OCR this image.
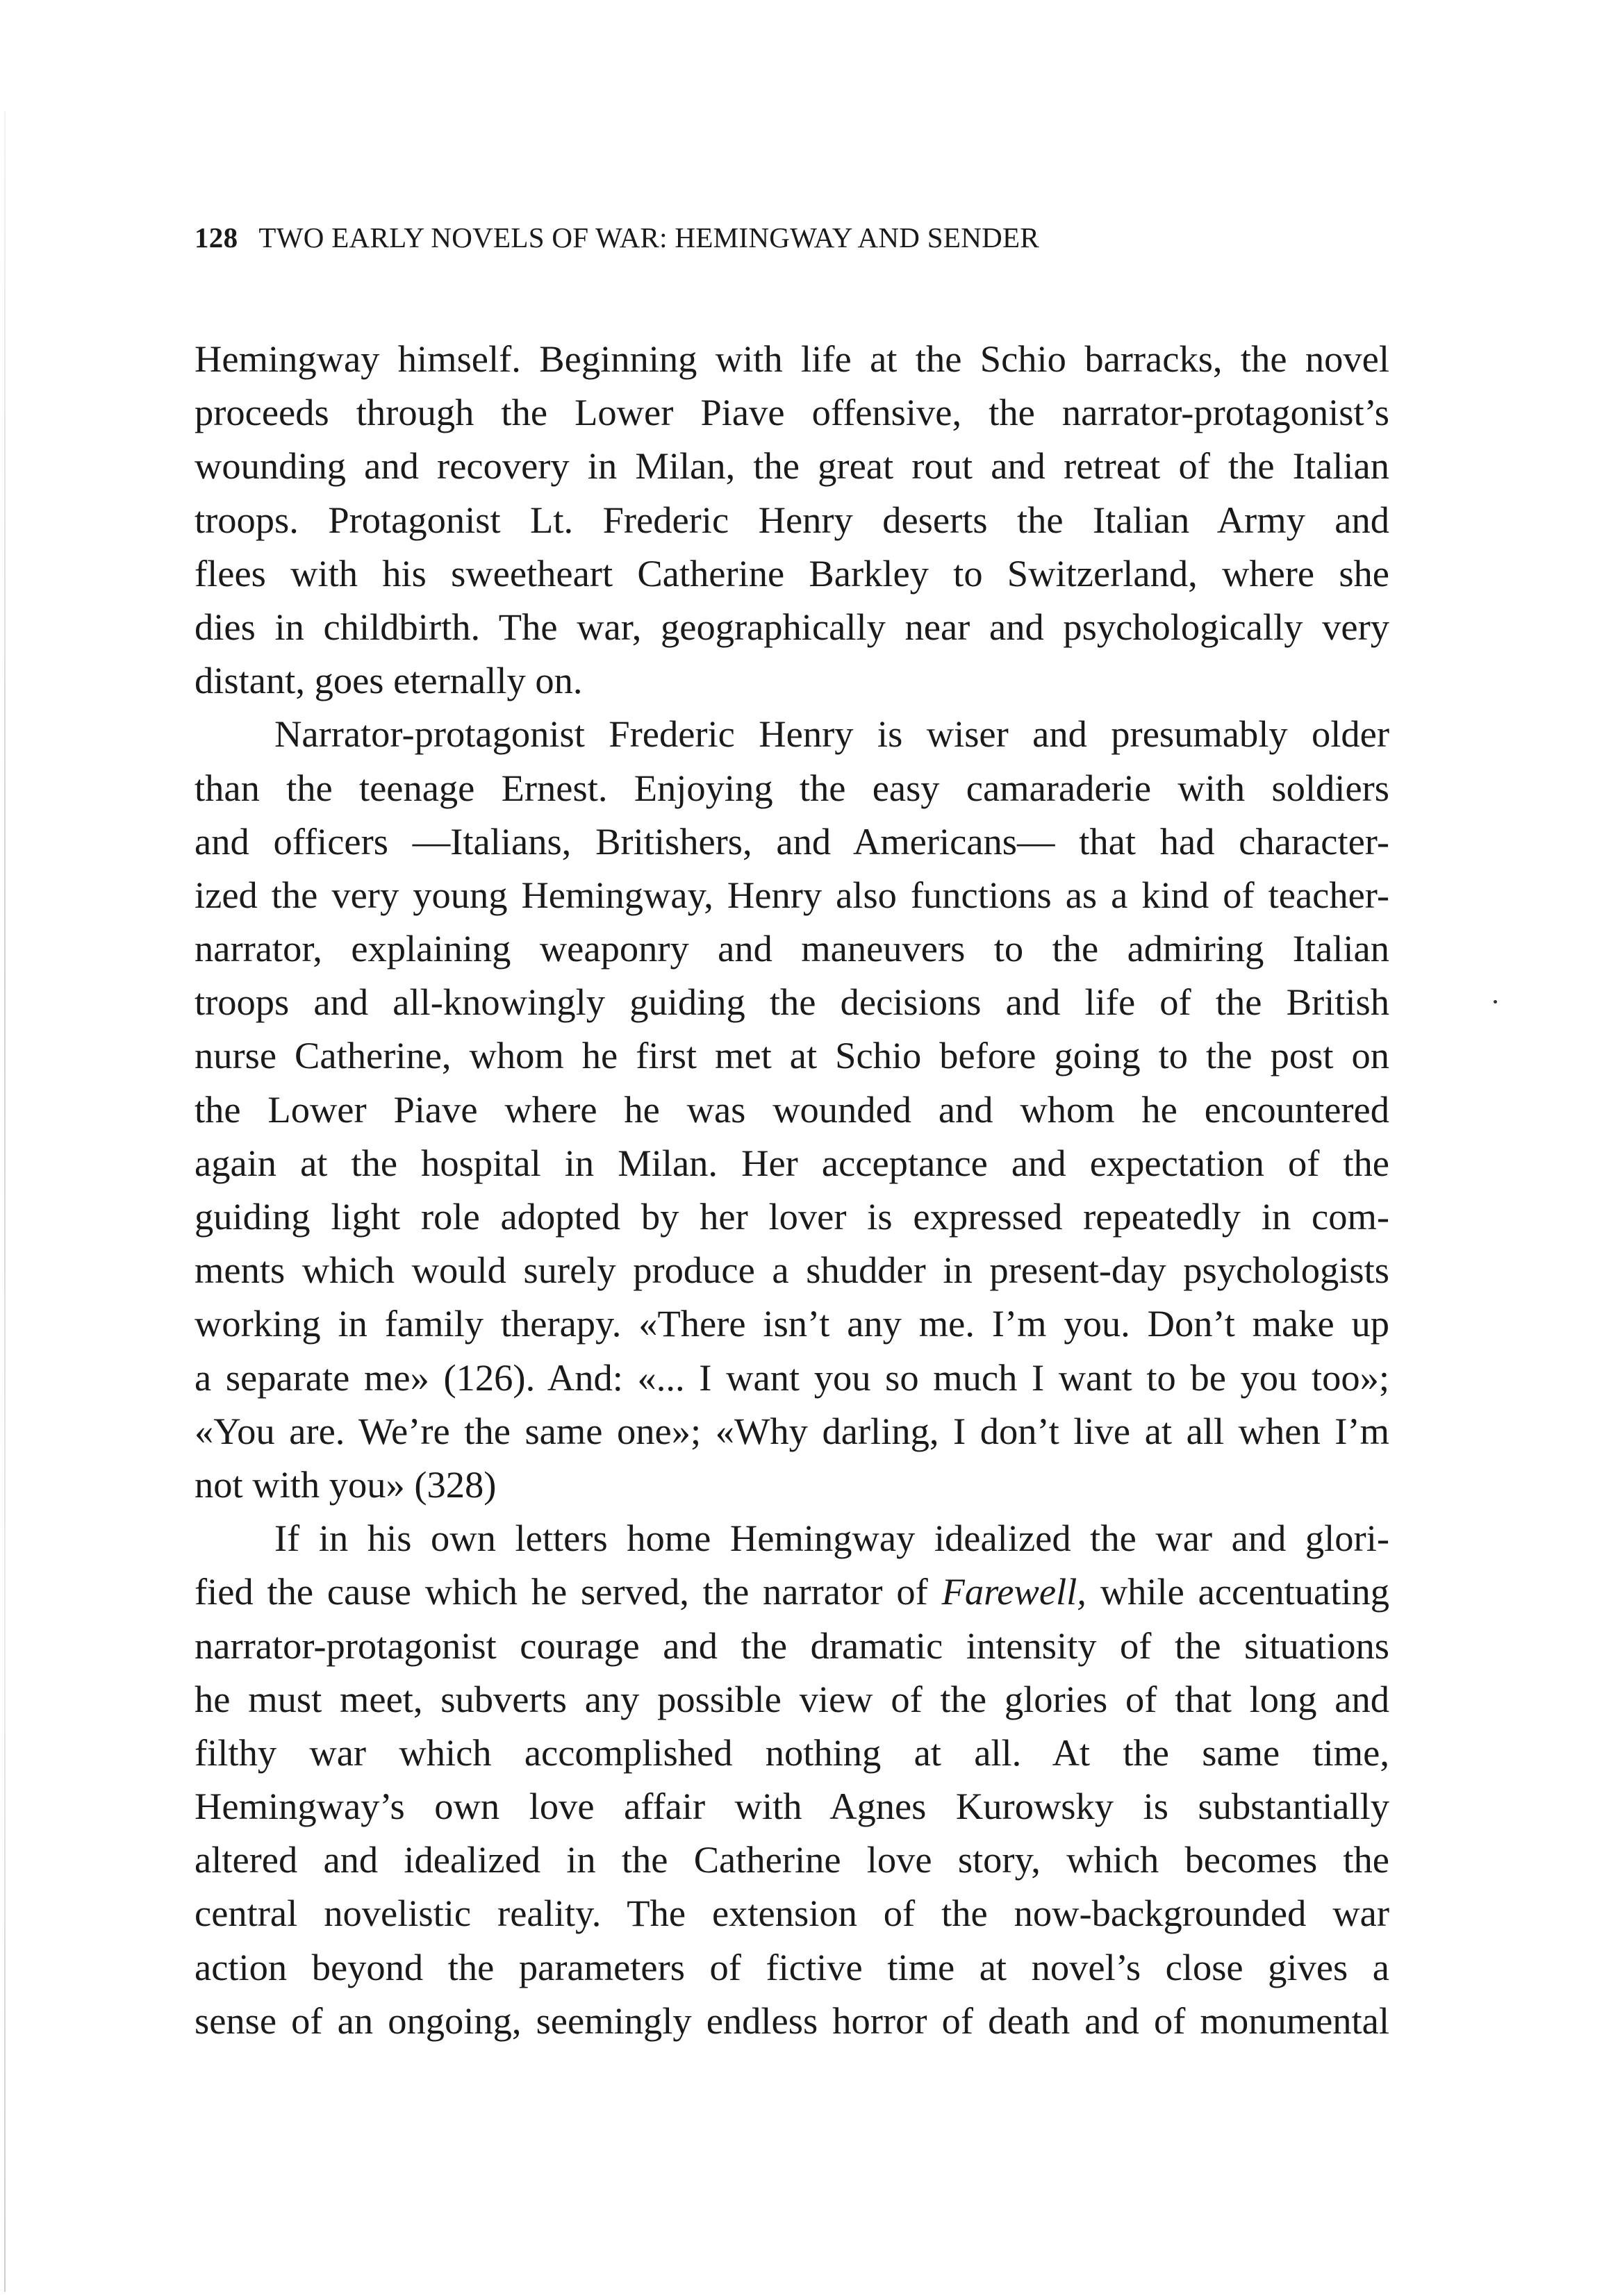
128 TWO EARLY NOVELS OF WAR: HEMINGWAY AND SENDER
Hemingway himself. Beginning with life at the Schio barracks, the novel
proceeds through the Lower Piave offensive, the narrator-protagonist’s
wounding and recovery in Milan, the great rout and retreat of the Italian
troops. Protagonist Lt. Frederic Henry deserts the Italian Army and
flees with his sweetheart Catherine Barkley to Switzerland, where she
dies in childbirth. The war, geographically near and psychologically very
distant, goes eternally on.
Narrator-protagonist Frederic Henry is wiser and presumably older
than the teenage Ernest. Enjoying the easy camaraderie with soldiers
and officers —Italians, Britishers, and Americans— that had character-
ized the very young Hemingway, Henry also functions as a kind of teacher-
narrator, explaining weaponry and maneuvers to the admiring Italian
troops and all-knowingly guiding the decisions and life of the British
nurse Catherine, whom he first met at Schio before going to the post on
the Lower Piave where he was wounded and whom he encountered
again at the hospital in Milan. Her acceptance and expectation of the
guiding light role adopted by her lover is expressed repeatedly in com-
ments which would surely produce a shudder in present-day psychologists
working in family therapy. «There isn’t any me. I’m you. Don’t make up
a separate me» (126). And: «... I want you so much I want to be you too»;
«You are. We’re the same one»; «Why darling, I don’t live at all when I’m
not with you» (328)
If in his own letters home Hemingway idealized the war and glori-
fied the cause which he served, the narrator of Farewell, while accentuating
narrator-protagonist courage and the dramatic intensity of the situations
he must meet, subverts any possible view of the glories of that long and
filthy war which accomplished nothing at all. At the same time,
Hemingway’s own love affair with Agnes Kurowsky is substantially
altered and idealized in the Catherine love story, which becomes the
central novelistic reality. The extension of the now-backgrounded war
action beyond the parameters of fictive time at novel’s close gives a
sense of an ongoing, seemingly endless horror of death and of monumental
